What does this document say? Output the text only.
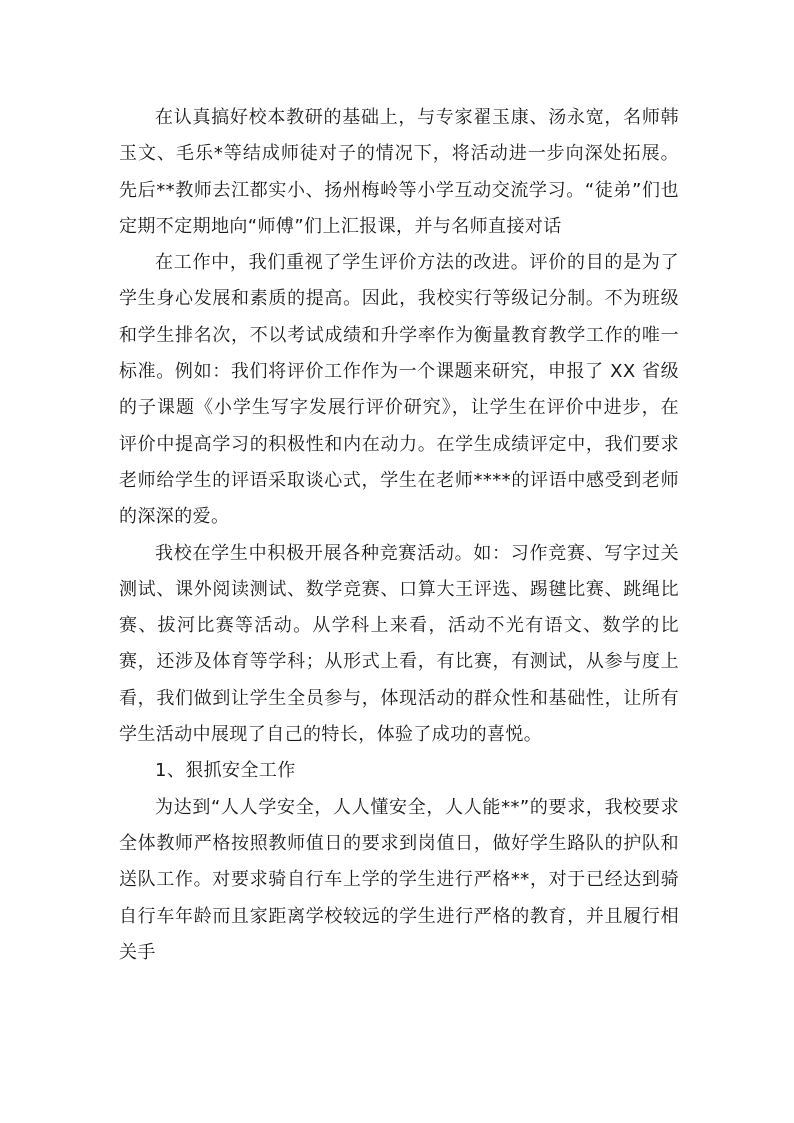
在认真搞好校本教研的基础上，与专家翟玉康、汤永宽，名师韩玉文、毛乐*等结成师徒对子的情况下，将活动进一步向深处拓展。先后**教师去江都实小、扬州梅岭等小学互动交流学习。“徒弟”们也定期不定期地向“师傅”们上汇报课，并与名师直接对话

在工作中，我们重视了学生评价方法的改进。评价的目的是为了学生身心发展和素质的提高。因此，我校实行等级记分制。不为班级和学生排名次，不以考试成绩和升学率作为衡量教育教学工作的唯一标准。例如：我们将评价工作作为一个课题来研究，申报了 XX 省级的子课题《小学生写字发展行评价研究》，让学生在评价中进步，在评价中提高学习的积极性和内在动力。在学生成绩评定中，我们要求老师给学生的评语采取谈心式，学生在老师****的评语中感受到老师的深深的爱。

我校在学生中积极开展各种竞赛活动。如：习作竞赛、写字过关测试、课外阅读测试、数学竞赛、口算大王评选、踢毽比赛、跳绳比赛、拔河比赛等活动。从学科上来看，活动不光有语文、数学的比赛，还涉及体育等学科；从形式上看，有比赛，有测试，从参与度上看，我们做到让学生全员参与，体现活动的群众性和基础性，让所有学生活动中展现了自己的特长，体验了成功的喜悦。

1、狠抓安全工作

为达到“人人学安全，人人懂安全，人人能**”的要求，我校要求全体教师严格按照教师值日的要求到岗值日，做好学生路队的护队和送队工作。对要求骑自行车上学的学生进行严格**，对于已经达到骑自行车年龄而且家距离学校较远的学生进行严格的教育，并且履行相关手
